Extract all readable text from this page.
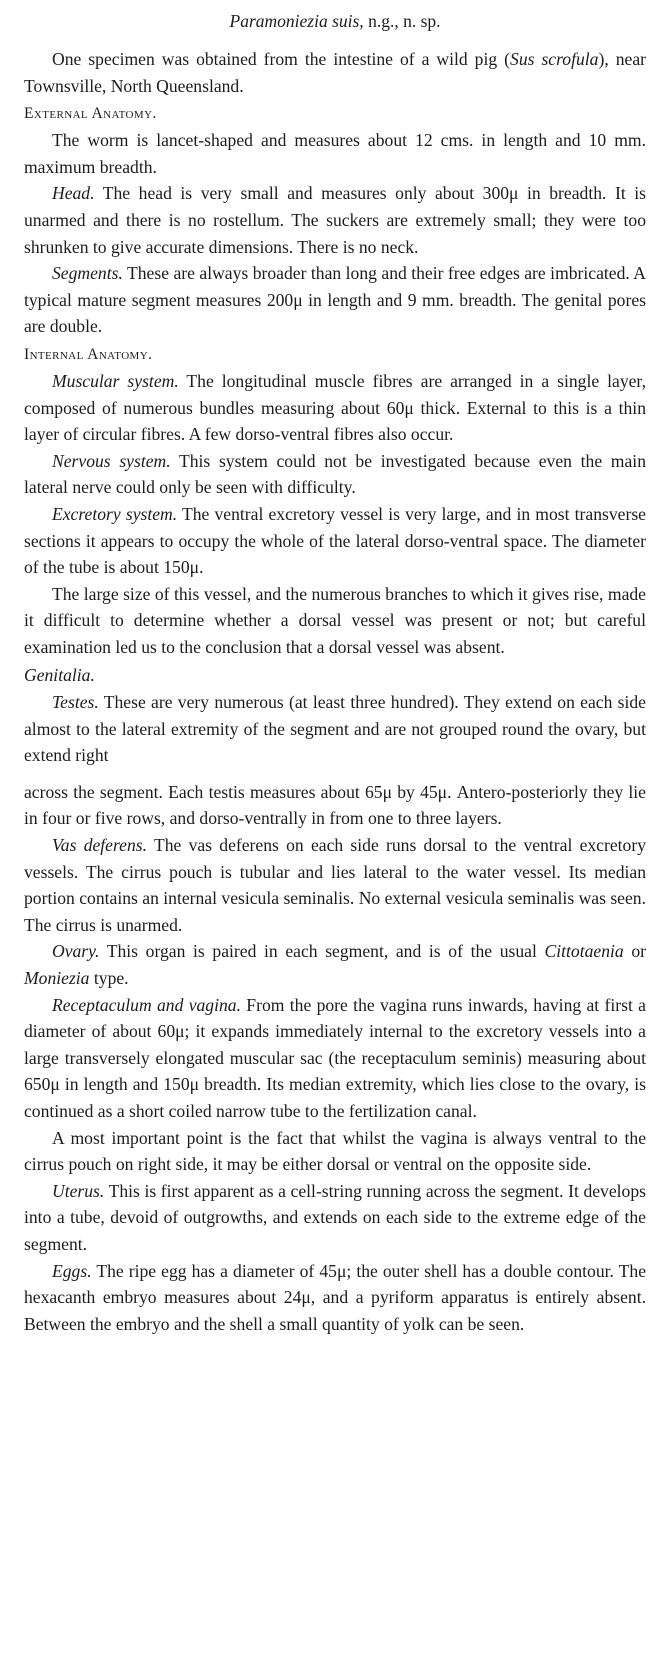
Paramoniezia suis, n.g., n. sp.

One specimen was obtained from the intestine of a wild pig (Sus scrofula), near Townsville, North Queensland.

External Anatomy.

The worm is lancet-shaped and measures about 12 cms. in length and 10 mm. maximum breadth.

Head. The head is very small and measures only about 300μ in breadth. It is unarmed and there is no rostellum. The suckers are extremely small; they were too shrunken to give accurate dimensions. There is no neck.

Segments. These are always broader than long and their free edges are imbricated. A typical mature segment measures 200μ in length and 9 mm. breadth. The genital pores are double.

Internal Anatomy.

Muscular system. The longitudinal muscle fibres are arranged in a single layer, composed of numerous bundles measuring about 60μ thick. External to this is a thin layer of circular fibres. A few dorso-ventral fibres also occur.

Nervous system. This system could not be investigated because even the main lateral nerve could only be seen with difficulty.

Excretory system. The ventral excretory vessel is very large, and in most transverse sections it appears to occupy the whole of the lateral dorso-ventral space. The diameter of the tube is about 150μ.

The large size of this vessel, and the numerous branches to which it gives rise, made it difficult to determine whether a dorsal vessel was present or not; but careful examination led us to the conclusion that a dorsal vessel was absent.

Genitalia.

Testes. These are very numerous (at least three hundred). They extend on each side almost to the lateral extremity of the segment and are not grouped round the ovary, but extend right

across the segment. Each testis measures about 65μ by 45μ. Antero-posteriorly they lie in four or five rows, and dorso-ventrally in from one to three layers.

Vas deferens. The vas deferens on each side runs dorsal to the ventral excretory vessels. The cirrus pouch is tubular and lies lateral to the water vessel. Its median portion contains an internal vesicula seminalis. No external vesicula seminalis was seen. The cirrus is unarmed.

Ovary. This organ is paired in each segment, and is of the usual Cittotaenia or Moniezia type.

Receptaculum and vagina. From the pore the vagina runs inwards, having at first a diameter of about 60μ; it expands immediately internal to the excretory vessels into a large transversely elongated muscular sac (the receptaculum seminis) measuring about 650μ in length and 150μ breadth. Its median extremity, which lies close to the ovary, is continued as a short coiled narrow tube to the fertilization canal.

A most important point is the fact that whilst the vagina is always ventral to the cirrus pouch on right side, it may be either dorsal or ventral on the opposite side.

Uterus. This is first apparent as a cell-string running across the segment. It develops into a tube, devoid of outgrowths, and extends on each side to the extreme edge of the segment.

Eggs. The ripe egg has a diameter of 45μ; the outer shell has a double contour. The hexacanth embryo measures about 24μ, and a pyriform apparatus is entirely absent. Between the embryo and the shell a small quantity of yolk can be seen.
